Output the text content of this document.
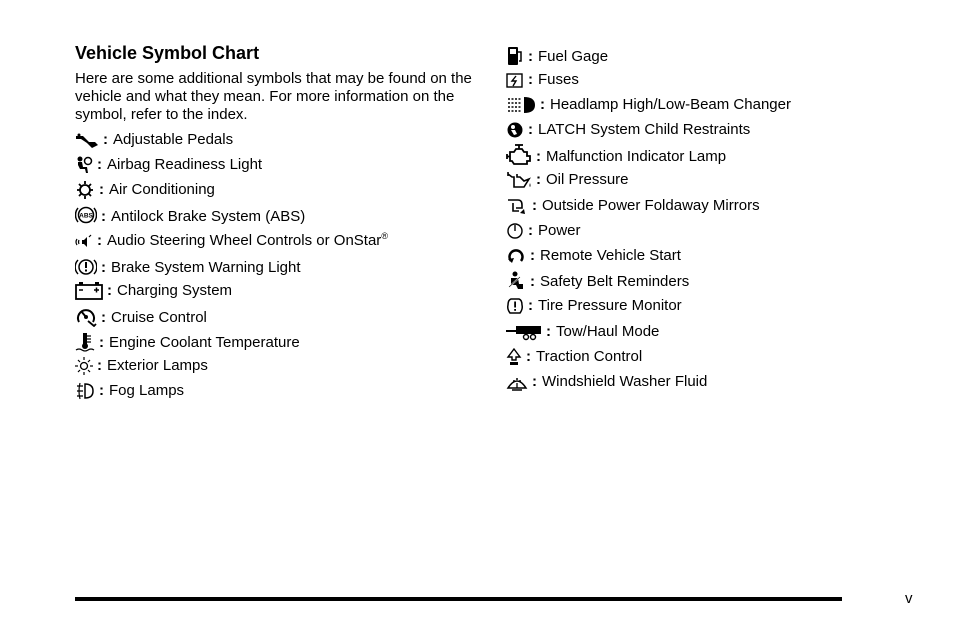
Vehicle Symbol Chart

Here are some additional symbols that may be found on the vehicle and what they mean. For more information on the symbol, refer to the index.

: Adjustable Pedals
: Airbag Readiness Light
: Air Conditioning
ABS : Antilock Brake System (ABS)
: Audio Steering Wheel Controls or OnStar®
: Brake System Warning Light
: Charging System
: Cruise Control
: Engine Coolant Temperature
: Exterior Lamps
: Fog Lamps
: Fuel Gage
: Fuses
: Headlamp High/Low-Beam Changer
: LATCH System Child Restraints
: Malfunction Indicator Lamp
: Oil Pressure
: Outside Power Foldaway Mirrors
: Power
: Remote Vehicle Start
: Safety Belt Reminders
: Tire Pressure Monitor
: Tow/Haul Mode
: Traction Control
: Windshield Washer Fluid
v
